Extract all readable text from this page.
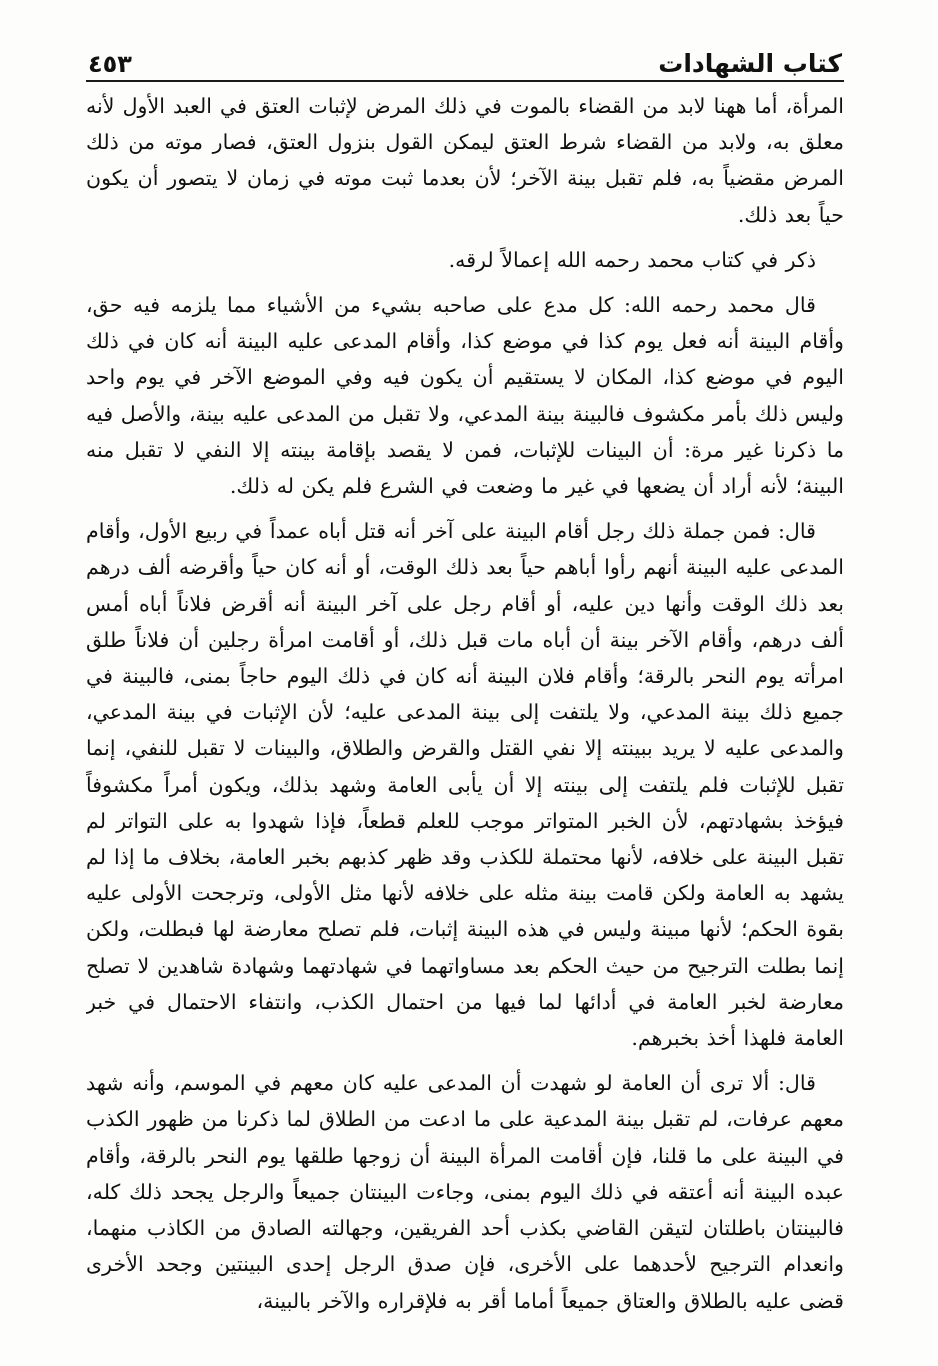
كتاب الشهادات
٤٥٣

المرأة، أما ههنا لابد من القضاء بالموت في ذلك المرض لإثبات العتق في العبد الأول لأنه معلق به، ولابد من القضاء شرط العتق ليمكن القول بنزول العتق، فصار موته من ذلك المرض مقضياً به، فلم تقبل بينة الآخر؛ لأن بعدما ثبت موته في زمان لا يتصور أن يكون حياً بعد ذلك.

ذكر في كتاب محمد رحمه الله إعمالاً لرقه.

قال محمد رحمه الله: كل مدع على صاحبه بشيء من الأشياء مما يلزمه فيه حق، وأقام البينة أنه فعل يوم كذا في موضع كذا، وأقام المدعى عليه البينة أنه كان في ذلك اليوم في موضع كذا، المكان لا يستقيم أن يكون فيه وفي الموضع الآخر في يوم واحد وليس ذلك بأمر مكشوف فالبينة بينة المدعي، ولا تقبل من المدعى عليه بينة، والأصل فيه ما ذكرنا غير مرة: أن البينات للإثبات، فمن لا يقصد بإقامة بينته إلا النفي لا تقبل منه البينة؛ لأنه أراد أن يضعها في غير ما وضعت في الشرع فلم يكن له ذلك.

قال: فمن جملة ذلك رجل أقام البينة على آخر أنه قتل أباه عمداً في ربيع الأول، وأقام المدعى عليه البينة أنهم رأوا أباهم حياً بعد ذلك الوقت، أو أنه كان حياً وأقرضه ألف درهم بعد ذلك الوقت وأنها دين عليه، أو أقام رجل على آخر البينة أنه أقرض فلاناً أباه أمس ألف درهم، وأقام الآخر بينة أن أباه مات قبل ذلك، أو أقامت امرأة رجلين أن فلاناً طلق امرأته يوم النحر بالرقة؛ وأقام فلان البينة أنه كان في ذلك اليوم حاجاً بمنى، فالبينة في جميع ذلك بينة المدعي، ولا يلتفت إلى بينة المدعى عليه؛ لأن الإثبات في بينة المدعي، والمدعى عليه لا يريد ببينته إلا نفي القتل والقرض والطلاق، والبينات لا تقبل للنفي، إنما تقبل للإثبات فلم يلتفت إلى بينته إلا أن يأبى العامة وشهد بذلك، ويكون أمراً مكشوفاً فيؤخذ بشهادتهم، لأن الخبر المتواتر موجب للعلم قطعاً، فإذا شهدوا به على التواتر لم تقبل البينة على خلافه، لأنها محتملة للكذب وقد ظهر كذبهم بخبر العامة، بخلاف ما إذا لم يشهد به العامة ولكن قامت بينة مثله على خلافه لأنها مثل الأولى، وترجحت الأولى عليه بقوة الحكم؛ لأنها مبينة وليس في هذه البينة إثبات، فلم تصلح معارضة لها فبطلت، ولكن إنما بطلت الترجيح من حيث الحكم بعد مساواتهما في شهادتهما وشهادة شاهدين لا تصلح معارضة لخبر العامة في أدائها لما فيها من احتمال الكذب، وانتفاء الاحتمال في خبر العامة فلهذا أخذ بخبرهم.

قال: ألا ترى أن العامة لو شهدت أن المدعى عليه كان معهم في الموسم، وأنه شهد معهم عرفات، لم تقبل بينة المدعية على ما ادعت من الطلاق لما ذكرنا من ظهور الكذب في البينة على ما قلنا، فإن أقامت المرأة البينة أن زوجها طلقها يوم النحر بالرقة، وأقام عبده البينة أنه أعتقه في ذلك اليوم بمنى، وجاءت البينتان جميعاً والرجل يجحد ذلك كله، فالبينتان باطلتان لتيقن القاضي بكذب أحد الفريقين، وجهالته الصادق من الكاذب منهما، وانعدام الترجيح لأحدهما على الأخرى، فإن صدق الرجل إحدى البينتين وجحد الأخرى قضى عليه بالطلاق والعتاق جميعاً أماما أقر به فلإقراره والآخر بالبينة،
